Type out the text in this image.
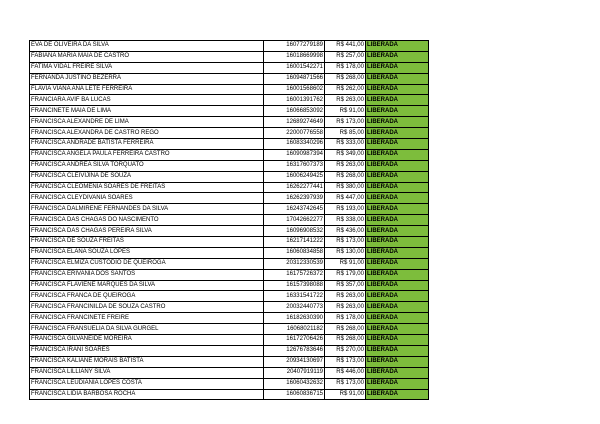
EVA DE OLIVEIRA DA SILVA	16077279189	R$ 441,00	LIBERADA
FABIANA MARIA MAIA DE CASTRO	16018669998	R$ 257,00	LIBERADA
FATIMA VIDAL FREIRE SILVA	16001542271	R$ 178,00	LIBERADA
FERNANDA JUSTINO BEZERRA	16094871566	R$ 268,00	LIBERADA
FLAVIA VIANA ANA LETE FERREIRA	16001568602	R$ 262,00	LIBERADA
FRANCIARA AVIF BA LUCAS	16001391762	R$ 263,00	LIBERADA
FRANCINETE MAIA DE LIMA	16066853092	R$ 91,00	LIBERADA
FRANCISCA ALEXANDRE DE LIMA	12689274649	R$ 173,00	LIBERADA
FRANCISCA ALEXANDRA DE CASTRO REGO	22000776558	R$ 85,00	LIBERADA
FRANCISCA ANDRADE BATISTA FERREIRA	16083340296	R$ 333,00	LIBERADA
FRANCISCA ANGELA PAULA FERREIRA CASTRO	16090987394	R$ 349,00	LIBERADA
FRANCISCA ANDREA SILVA TORQUATO	16317607373	R$ 263,00	LIBERADA
FRANCISCA CLEIVIJINA DE SOUZA	16006249425	R$ 268,00	LIBERADA
FRANCISCA CLEOMENIA SOARES DE FREITAS	16262277441	R$ 380,00	LIBERADA
FRANCISCA CLEYDIVANIA SOARES	16262397939	R$ 447,00	LIBERADA
FRANCISCA DALMIRENE FERNANDES DA SILVA	16243742645	R$ 193,00	LIBERADA
FRANCISCA DAS CHAGAS DO NASCIMENTO	17042662277	R$ 338,00	LIBERADA
FRANCISCA DAS CHAGAS PEREIRA SILVA	16096908532	R$ 436,00	LIBERADA
FRANCISCA DE SOUZA FREITAS	16217141222	R$ 173,00	LIBERADA
FRANCISCA ELANA SOUZA LOPES	16060834858	R$ 130,00	LIBERADA
FRANCISCA ELMIZA CUSTODIO DE QUEIROGA	20312330539	R$ 91,00	LIBERADA
FRANCISCA ERIVANIA DOS SANTOS	16175726372	R$ 179,00	LIBERADA
FRANCISCA FLAVIENE MARQUES DA SILVA	16157398088	R$ 357,00	LIBERADA
FRANCISCA FRANCA DE QUEIROGA	16331541722	R$ 263,00	LIBERADA
FRANCISCA FRANCINILDA DE SOUZA CASTRO	20032440773	R$ 263,00	LIBERADA
FRANCISCA FRANCINETE FREIRE	16182630390	R$ 178,00	LIBERADA
FRANCISCA FRANSUELIA DA SILVA GURGEL	16068021182	R$ 268,00	LIBERADA
FRANCISCA GILVANEIDE MOREIRA	16172706426	R$ 268,00	LIBERADA
FRANCISCA IRANI SOARES	12676783646	R$ 270,00	LIBERADA
FRANCISCA KALIANE MORAIS BATISTA	20934130697	R$ 173,00	LIBERADA
FRANCISCA LILLIANY SILVA	20407919119	R$ 446,00	LIBERADA
FRANCISCA LEUDIANIA LOPES COSTA	16060432632	R$ 173,00	LIBERADA
FRANCISCA LIDIA BARBOSA ROCHA	16060836715	R$ 91,00	LIBERADA
